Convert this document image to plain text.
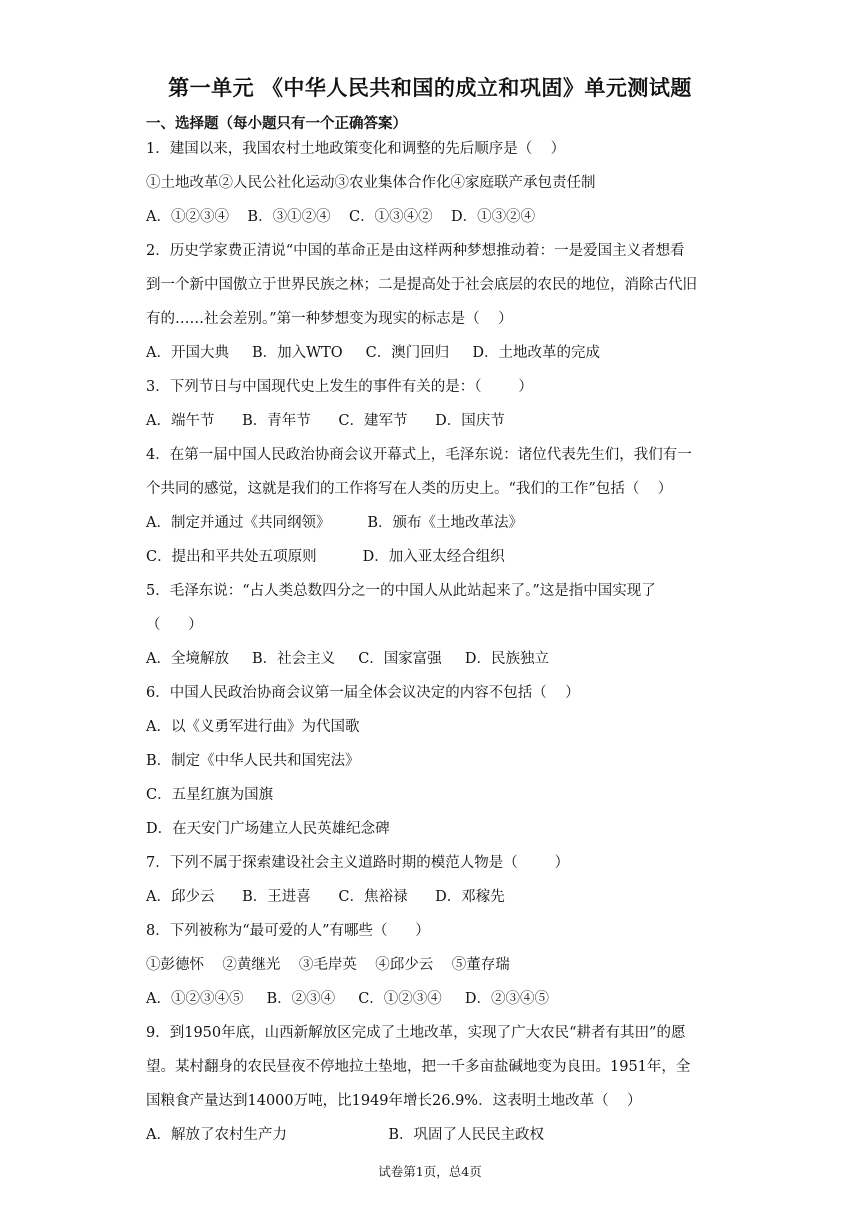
第一单元 《中华人民共和国的成立和巩固》单元测试题
一、选择题（每小题只有一个正确答案）
1．建国以来，我国农村土地政策变化和调整的先后顺序是（    ）
①土地改革②人民公社化运动③农业集体合作化④家庭联产承包责任制
A．①②③④    B．③①②④    C．①③④②    D．①③②④
2．历史学家费正清说“中国的革命正是由这样两种梦想推动着：一是爱国主义者想看
到一个新中国傲立于世界民族之林；二是提高处于社会底层的农民的地位，消除古代旧
有的……社会差别。”第一种梦想变为现实的标志是（    ）
A．开国大典     B．加入WTO     C．澳门回归     D．土地改革的完成
3．下列节日与中国现代史上发生的事件有关的是：（        ）
A．端午节      B．青年节      C．建军节      D．国庆节
4．在第一届中国人民政治协商会议开幕式上，毛泽东说：诸位代表先生们，我们有一
个共同的感觉，这就是我们的工作将写在人类的历史上。“我们的工作”包括（    ）
A．制定并通过《共同纲领》        B．颁布《土地改革法》
C．提出和平共处五项原则          D．加入亚太经合组织
5．毛泽东说：“占人类总数四分之一的中国人从此站起来了。”这是指中国实现了
（      ）
A．全境解放     B．社会主义     C．国家富强     D．民族独立
6．中国人民政治协商会议第一届全体会议决定的内容不包括（    ）
A．以《义勇军进行曲》为代国歌
B．制定《中华人民共和国宪法》
C．五星红旗为国旗
D．在天安门广场建立人民英雄纪念碑
7．下列不属于探索建设社会主义道路时期的模范人物是（        ）
A．邱少云      B．王进喜      C．焦裕禄      D．邓稼先
8．下列被称为“最可爱的人”有哪些（      ）
①彭德怀    ②黄继光    ③毛岸英    ④邱少云    ⑤董存瑞
A．①②③④⑤     B．②③④     C．①②③④     D．②③④⑤
9．到1950年底，山西新解放区完成了土地改革，实现了广大农民“耕者有其田”的愿
望。某村翻身的农民昼夜不停地拉土垫地，把一千多亩盐碱地变为良田。1951年，全
国粮食产量达到14000万吨，比1949年增长26.9%．这表明土地改革（    ）
A．解放了农村生产力                      B．巩固了人民民主政权
试卷第1页，总4页
